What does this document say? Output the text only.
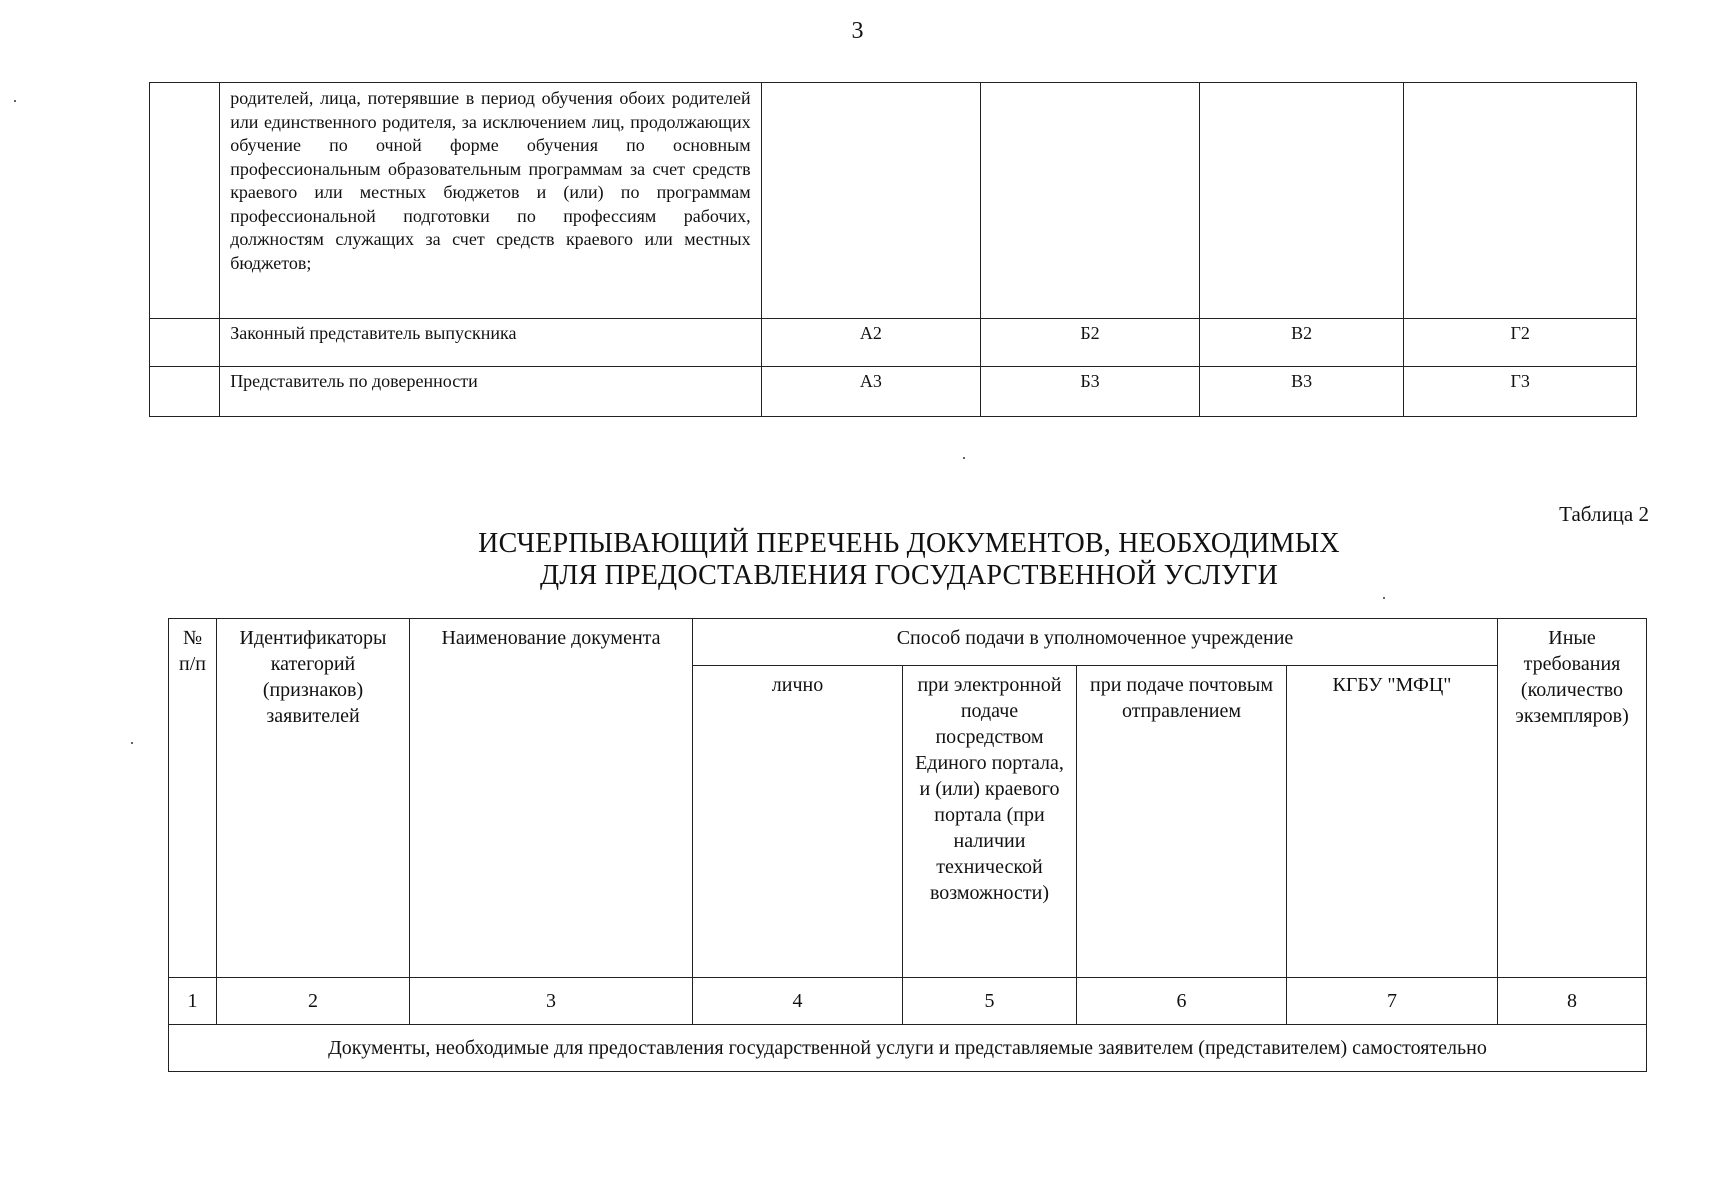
3
	родителей, лица, потерявшие в период обучения обоих родителей или единственного родителя, за исключением лиц, продолжающих обучение по очной форме обучения по основным профессиональным образовательным программам за счет средств краевого или местных бюджетов и (или) по программам профессиональной подготовки по профессиям рабочих, должностям служащих за счет средств краевого или местных бюджетов;				
	Законный представитель выпускника	А2	Б2	В2	Г2
	Представитель по доверенности	А3	Б3	В3	Г3
Таблица 2
ИСЧЕРПЫВАЮЩИЙ ПЕРЕЧЕНЬ ДОКУМЕНТОВ, НЕОБХОДИМЫХ
ДЛЯ ПРЕДОСТАВЛЕНИЯ ГОСУДАРСТВЕННОЙ УСЛУГИ
№ п/п	Идентификаторы категорий (признаков) заявителей	Наименование документа	Способ подачи в уполномоченное учреждение				Иные требования (количество экземпляров)
			лично	при электронной подаче посредством Единого портала, и (или) краевого портала (при наличии технической возможности)	при подаче почтовым отправлением	КГБУ "МФЦ"	
1	2	3	4	5	6	7	8
Документы, необходимые для предоставления государственной услуги и представляемые заявителем (представителем) самостоятельно							
